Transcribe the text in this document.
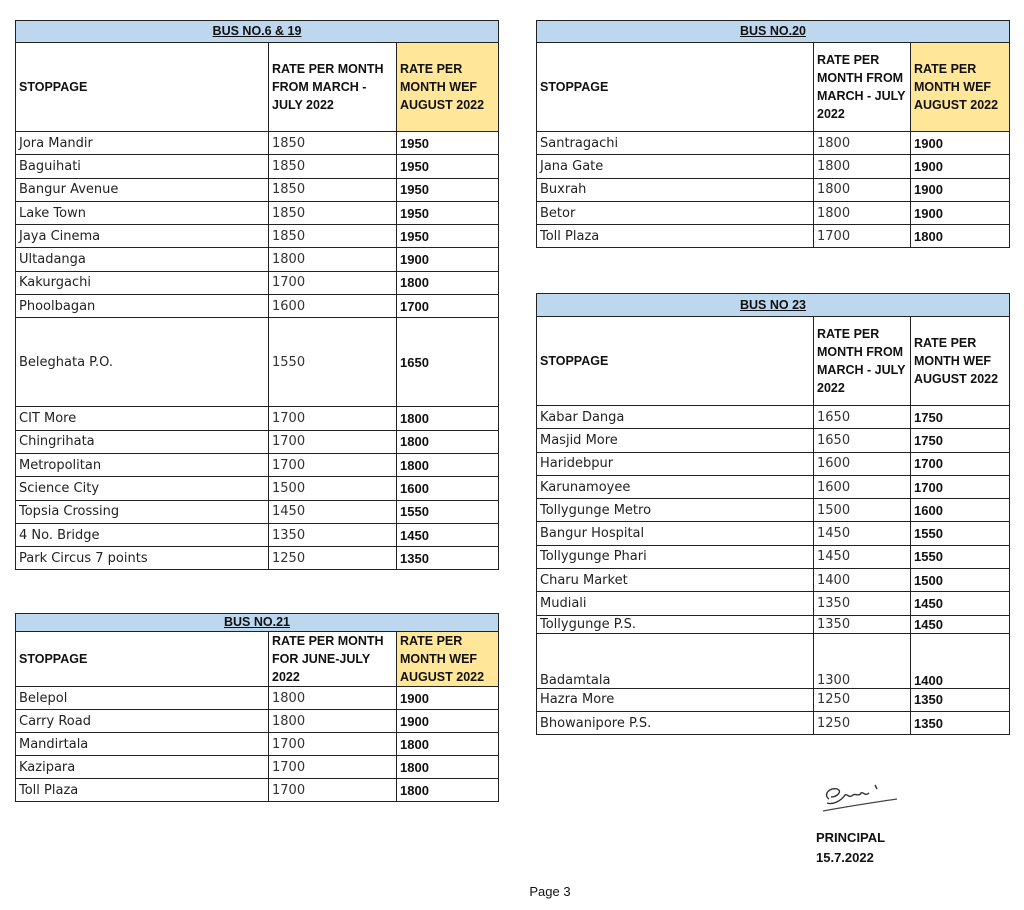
BUS NO.6 & 19		
STOPPAGE	RATE PER MONTH FROM MARCH - JULY 2022	RATE PER MONTH WEF AUGUST 2022
Jora Mandir	1850	1950
Baguihati	1850	1950
Bangur Avenue	1850	1950
Lake Town	1850	1950
Jaya Cinema	1850	1950
Ultadanga	1800	1900
Kakurgachi	1700	1800
Phoolbagan	1600	1700
Beleghata P.O.	1550	1650
CIT More	1700	1800
Chingrihata	1700	1800
Metropolitan	1700	1800
Science City	1500	1600
Topsia Crossing	1450	1550
4 No. Bridge	1350	1450
Park Circus 7 points	1250	1350
BUS NO.20		
STOPPAGE	RATE PER MONTH FROM MARCH - JULY 2022	RATE PER MONTH WEF AUGUST 2022
Santragachi	1800	1900
Jana Gate	1800	1900
Buxrah	1800	1900
Betor	1800	1900
Toll Plaza	1700	1800
BUS NO 23		
STOPPAGE	RATE PER MONTH FROM MARCH - JULY 2022	RATE PER MONTH WEF AUGUST 2022
Kabar Danga	1650	1750
Masjid More	1650	1750
Haridebpur	1600	1700
Karunamoyee	1600	1700
Tollygunge Metro	1500	1600
Bangur Hospital	1450	1550
Tollygunge Phari	1450	1550
Charu Market	1400	1500
Mudiali	1350	1450
Tollygunge P.S.	1350	1450
Badamtala	1300	1400
Hazra More	1250	1350
Bhowanipore P.S.	1250	1350
BUS NO.21		
STOPPAGE	RATE PER MONTH FOR JUNE-JULY 2022	RATE PER MONTH WEF AUGUST 2022
Belepol	1800	1900
Carry Road	1800	1900
Mandirtala	1700	1800
Kazipara	1700	1800
Toll Plaza	1700	1800
PRINCIPAL
15.7.2022
Page 3
